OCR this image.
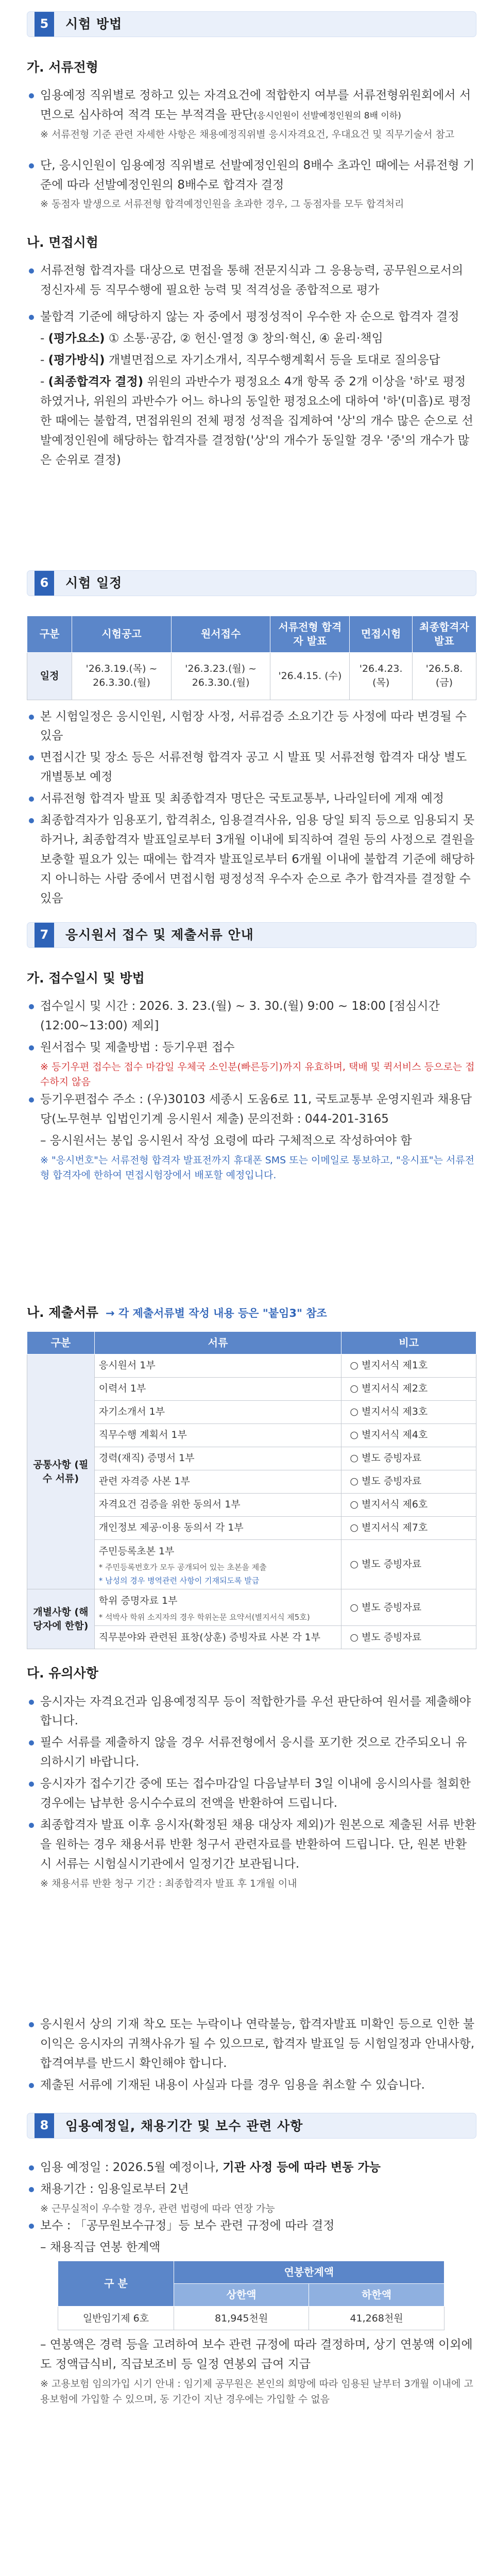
5	시험 방법
가. 서류전형
임용예정 직위별로 정하고 있는 자격요건에 적합한지 여부를 서류전형위원회에서 서면으로 심사하여 적격 또는 부적격을 판단(응시인원이 선발예정인원의 8배 이하)
※ 서류전형 기준 관련 자세한 사항은 채용예정직위별 응시자격요건, 우대요건 및 직무기술서 참고
단, 응시인원이 임용예정 직위별로 선발예정인원의 8배수 초과인 때에는 서류전형 기준에 따라 선발예정인원의 8배수로 합격자 결정
※ 동점자 발생으로 서류전형 합격예정인원을 초과한 경우, 그 동점자를 모두 합격처리
나. 면접시험
서류전형 합격자를 대상으로 면접을 통해 전문지식과 그 응용능력, 공무원으로서의 정신자세 등 직무수행에 필요한 능력 및 적격성을 종합적으로 평가
불합격 기준에 해당하지 않는 자 중에서 평정성적이 우수한 자 순으로 합격자 결정
- (평가요소) ① 소통·공감, ② 헌신·열정 ③ 창의·혁신, ④ 윤리·책임
- (평가방식) 개별면접으로 자기소개서, 직무수행계획서 등을 토대로 질의응답
- (최종합격자 결정) 위원의 과반수가 평정요소 4개 항목 중 2개 이상을 '하'로 평정하였거나, 위원의 과반수가 어느 하나의 동일한 평정요소에 대하여 '하'(미흡)로 평정한 때에는 불합격, 면접위원의 전체 평정 성적을 집계하여 '상'의 개수 많은 순으로 선발예정인원에 해당하는 합격자를 결정함('상'의 개수가 동일할 경우 '중'의 개수가 많은 순위로 결정)
6	시험 일정
구분	시험공고	원서접수	서류전형 합격자 발표	면접시험	최종합격자 발표
일정	'26.3.19.(목) ~ 26.3.30.(월)	'26.3.23.(월) ~ 26.3.30.(월)	'26.4.15. (수)	'26.4.23. (목)	'26.5.8. (금)
본 시험일정은 응시인원, 시험장 사정, 서류검증 소요기간 등 사정에 따라 변경될 수 있음
면접시간 및 장소 등은 서류전형 합격자 공고 시 발표 및 서류전형 합격자 대상 별도 개별통보 예정
서류전형 합격자 발표 및 최종합격자 명단은 국토교통부, 나라일터에 게재 예정
최종합격자가 임용포기, 합격취소, 임용결격사유, 임용 당일 퇴직 등으로 임용되지 못하거나, 최종합격자 발표일로부터 3개월 이내에 퇴직하여 결원 등의 사정으로 결원을 보충할 필요가 있는 때에는 합격자 발표일로부터 6개월 이내에 불합격 기준에 해당하지 아니하는 사람 중에서 면접시험 평정성적 우수자 순으로 추가 합격자를 결정할 수 있음
7	응시원서 접수 및 제출서류 안내
가. 접수일시 및 방법
접수일시 및 시간 : 2026. 3. 23.(월) ~ 3. 30.(월) 9:00 ~ 18:00 [점심시간(12:00~13:00) 제외]
원서접수 및 제출방법 : 등기우편 접수
※ 등기우편 접수는 접수 마감일 우체국 소인분(빠른등기)까지 유효하며, 택배 및 퀵서비스 등으로는 접수하지 않음
등기우편접수 주소 : (우)30103 세종시 도움6로 11, 국토교통부 운영지원과 채용담당(노무현부 입법인기계 응시원서 제출) 문의전화 : 044-201-3165
– 응시원서는 봉입 응시원서 작성 요령에 따라 구체적으로 작성하여야 함
※ "응시번호"는 서류전형 합격자 발표전까지 휴대폰 SMS 또는 이메일로 통보하고, "응시표"는 서류전형 합격자에 한하여 면접시험장에서 배포할 예정입니다.
나. 제출서류 → 각 제출서류별 작성 내용 등은 "붙임3" 참조
구분	서류	비고
공통사항 (필수 서류)	응시원서 1부	○ 별지서식 제1호
	이력서 1부	○ 별지서식 제2호
	자기소개서 1부	○ 별지서식 제3호
	직무수행 계획서 1부	○ 별지서식 제4호
	경력(재직) 증명서 1부	○ 별도 증빙자료
	관련 자격증 사본 1부	○ 별도 증빙자료
	자격요건 검증을 위한 동의서 1부	○ 별지서식 제6호
	개인정보 제공·이용 동의서 각 1부	○ 별지서식 제7호
	주민등록초본 1부	○ 별도 증빙자료
	* 주민등록번호가 모두 공개되어 있는 초본을 제출	
	* 남성의 경우 병역관련 사항이 기재되도록 발급	
개별사항 (해당자에 한함)	학위 증명자료 1부	○ 별도 증빙자료
	* 석박사 학위 소지자의 경우 학위논문 요약서(별지서식 제5호)	
	직무분야와 관련된 표창(상훈) 증빙자료 사본 각 1부	○ 별도 증빙자료
다. 유의사항
응시자는 자격요건과 임용예정직무 등이 적합한가를 우선 판단하여 원서를 제출해야 합니다.
필수 서류를 제출하지 않을 경우 서류전형에서 응시를 포기한 것으로 간주되오니 유의하시기 바랍니다.
응시자가 접수기간 중에 또는 접수마감일 다음날부터 3일 이내에 응시의사를 철회한 경우에는 납부한 응시수수료의 전액을 반환하여 드립니다.
최종합격자 발표 이후 응시자(확정된 채용 대상자 제외)가 원본으로 제출된 서류 반환을 원하는 경우 채용서류 반환 청구서 관련자료를 반환하여 드립니다. 단, 원본 반환시 서류는 시험실시기관에서 일정기간 보관됩니다.
※ 채용서류 반환 청구 기간 : 최종합격자 발표 후 1개월 이내
응시원서 상의 기재 착오 또는 누락이나 연락불능, 합격자발표 미확인 등으로 인한 불이익은 응시자의 귀책사유가 될 수 있으므로, 합격자 발표일 등 시험일정과 안내사항, 합격여부를 반드시 확인해야 합니다.
제출된 서류에 기재된 내용이 사실과 다를 경우 임용을 취소할 수 있습니다.
8	임용예정일, 채용기간 및 보수 관련 사항
임용 예정일 : 2026.5월 예정이나, 기관 사정 등에 따라 변동 가능
채용기간 : 임용일로부터 2년
※ 근무실적이 우수할 경우, 관련 법령에 따라 연장 가능
보수 : 「공무원보수규정」등 보수 관련 규정에 따라 결정
– 채용직급 연봉 한계액
구 분	연봉한계액	
	상한액	하한액
일반임기제 6호	81,945천원	41,268천원
– 연봉액은 경력 등을 고려하여 보수 관련 규정에 따라 결정하며, 상기 연봉액 이외에도 정액급식비, 직급보조비 등 일정 연봉외 급여 지급
※ 고용보험 임의가입 시기 안내 : 임기제 공무원은 본인의 희망에 따라 임용된 날부터 3개월 이내에 고용보험에 가입할 수 있으며, 동 기간이 지난 경우에는 가입할 수 없음
